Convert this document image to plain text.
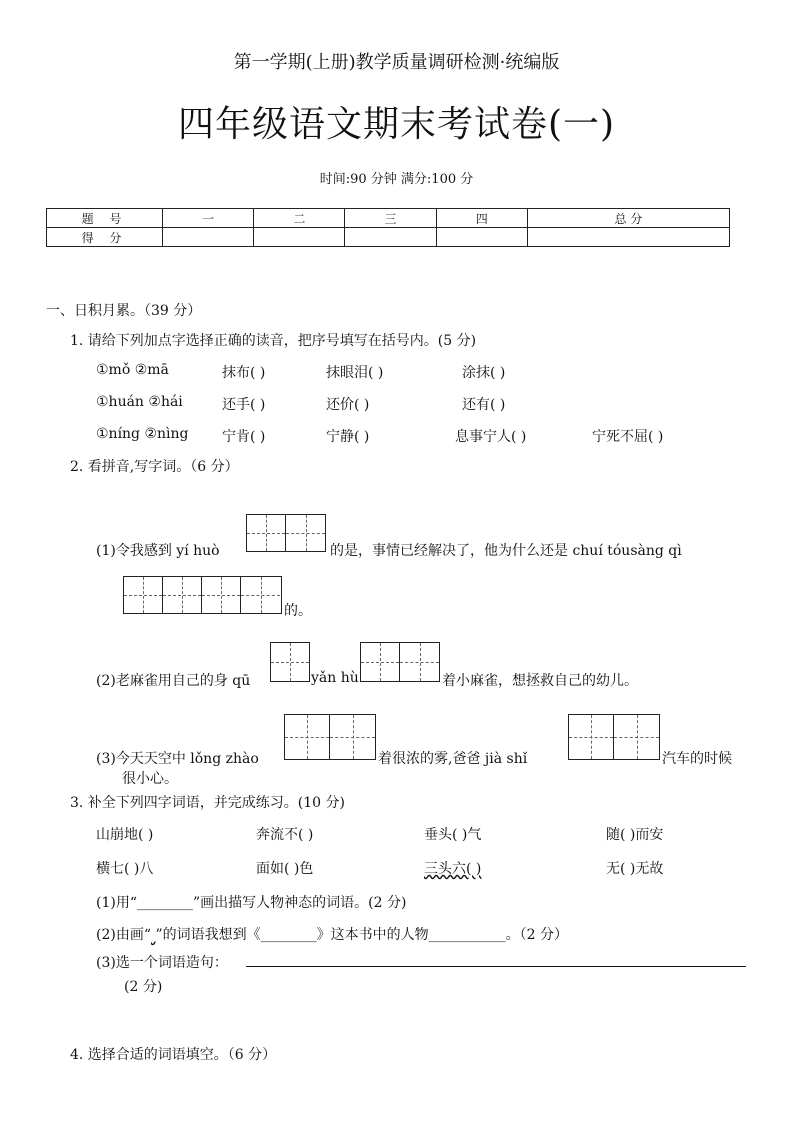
第一学期(上册)教学质量调研检测·统编版
四年级语文期末考试卷(一)
时间:90 分钟 满分:100 分
题 号	一	二	三	四	总 分
得 分					
一、日积月累。（39 分）
1. 请给下列加点字选择正确的读音，把序号填写在括号内。(5 分)
①mǒ ②mā	抹布( )	抹眼泪( )	涂抹( )
①huán ②hái	还手( )	还价( )	还有( )
①níng ②nìng 宁肯( )	宁静( )	息事宁人( )	宁死不屈( )
2. 看拼音,写字词。（6 分）
(1)令我感到 yí huò	的是，事情已经解决了，他为什么还是 chuí tóusàng qì
的。
(2)老麻雀用自己的身 qū	yǎn hù	着小麻雀，想拯救自己的幼儿。
(3)今天天空中 lǒng zhào	着很浓的雾,爸爸 jià shǐ	汽车的时候
很小心。
3. 补全下列四字词语，并完成练习。(10 分)
山崩地( )	奔流不( )	垂头( )气	随( )而安
横七( )八	面如( )色	三头六( )	无( )无故
(1)用“________”画出描写人物神态的词语。(2 分)
(2)由画“ ”的词语我想到《________》这本书中的人物___________。（2 分）
(3)选一个词语造句：
(2 分)
4. 选择合适的词语填空。（6 分）
